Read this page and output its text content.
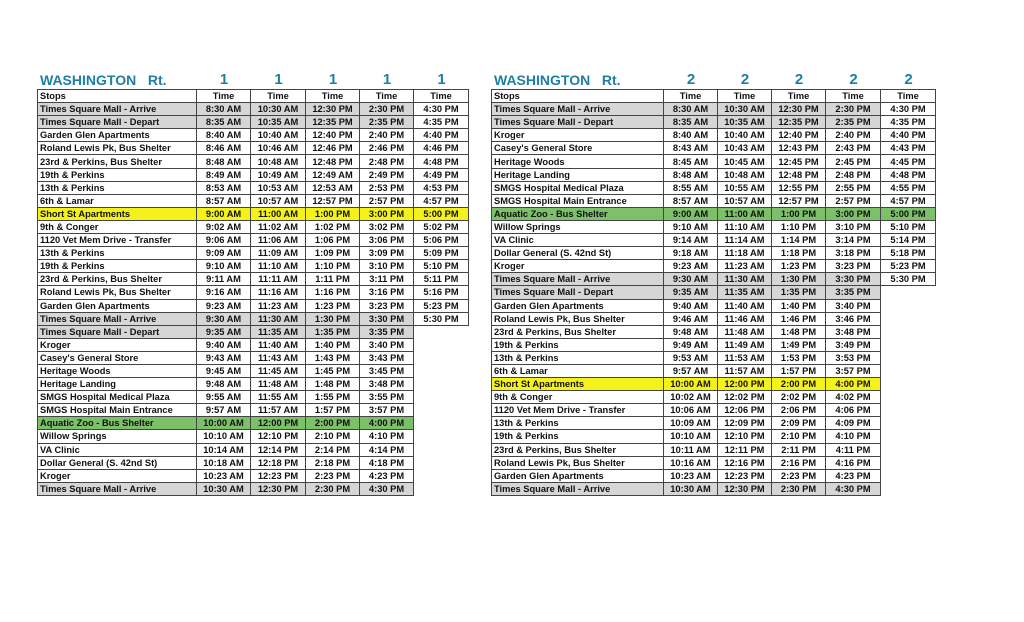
WASHINGTON   Rt.	1	1	1	1	1	WASHINGTON   Rt.	2	2	2	2	2
Stops	Time	Time	Time	Time	Time
Times Square Mall - Arrive	8:30 AM	10:30 AM	12:30 PM	2:30 PM	4:30 PM
Times Square Mall - Depart	8:35 AM	10:35 AM	12:35 PM	2:35 PM	4:35 PM
Garden Glen Apartments	8:40 AM	10:40 AM	12:40 PM	2:40 PM	4:40 PM
Roland Lewis Pk, Bus Shelter	8:46 AM	10:46 AM	12:46 PM	2:46 PM	4:46 PM
23rd & Perkins, Bus Shelter	8:48 AM	10:48 AM	12:48 PM	2:48 PM	4:48 PM
19th & Perkins	8:49 AM	10:49 AM	12:49 AM	2:49 PM	4:49 PM
13th & Perkins	8:53 AM	10:53 AM	12:53 AM	2:53 PM	4:53 PM
6th & Lamar	8:57 AM	10:57 AM	12:57 PM	2:57 PM	4:57 PM
Short St Apartments	9:00 AM	11:00 AM	1:00 PM	3:00 PM	5:00 PM
9th & Conger	9:02 AM	11:02 AM	1:02 PM	3:02 PM	5:02 PM
1120 Vet Mem Drive - Transfer	9:06 AM	11:06 AM	1:06 PM	3:06 PM	5:06 PM
13th & Perkins	9:09 AM	11:09 AM	1:09 PM	3:09 PM	5:09 PM
19th & Perkins	9:10 AM	11:10 AM	1:10 PM	3:10 PM	5:10 PM
23rd & Perkins, Bus Shelter	9:11 AM	11:11 AM	1:11 PM	3:11 PM	5:11 PM
Roland Lewis Pk, Bus Shelter	9:16 AM	11:16 AM	1:16 PM	3:16 PM	5:16 PM
Garden Glen Apartments	9:23 AM	11:23 AM	1:23 PM	3:23 PM	5:23 PM
Times Square Mall - Arrive	9:30 AM	11:30 AM	1:30 PM	3:30 PM	5:30 PM
Times Square Mall - Depart	9:35 AM	11:35 AM	1:35 PM	3:35 PM	
Kroger	9:40 AM	11:40 AM	1:40 PM	3:40 PM	
Casey's General Store	9:43 AM	11:43 AM	1:43 PM	3:43 PM	
Heritage Woods	9:45 AM	11:45 AM	1:45 PM	3:45 PM	
Heritage Landing	9:48 AM	11:48 AM	1:48 PM	3:48 PM	
SMGS Hospital Medical Plaza	9:55 AM	11:55 AM	1:55 PM	3:55 PM	
SMGS Hospital Main Entrance	9:57 AM	11:57 AM	1:57 PM	3:57 PM	
Aquatic Zoo - Bus Shelter	10:00 AM	12:00 PM	2:00 PM	4:00 PM	
Willow Springs	10:10 AM	12:10 PM	2:10 PM	4:10 PM	
VA Clinic	10:14 AM	12:14 PM	2:14 PM	4:14 PM	
Dollar General (S. 42nd St)	10:18 AM	12:18 PM	2:18 PM	4:18 PM	
Kroger	10:23 AM	12:23 PM	2:23 PM	4:23 PM	
Times Square Mall - Arrive	10:30 AM	12:30 PM	2:30 PM	4:30 PM	
Stops	Time	Time	Time	Time	Time
Times Square Mall - Arrive	8:30 AM	10:30 AM	12:30 PM	2:30 PM	4:30 PM
Times Square Mall - Depart	8:35 AM	10:35 AM	12:35 PM	2:35 PM	4:35 PM
Kroger	8:40 AM	10:40 AM	12:40 PM	2:40 PM	4:40 PM
Casey's General Store	8:43 AM	10:43 AM	12:43 PM	2:43 PM	4:43 PM
Heritage Woods	8:45 AM	10:45 AM	12:45 PM	2:45 PM	4:45 PM
Heritage Landing	8:48 AM	10:48 AM	12:48 PM	2:48 PM	4:48 PM
SMGS Hospital Medical Plaza	8:55 AM	10:55 AM	12:55 PM	2:55 PM	4:55 PM
SMGS Hospital Main Entrance	8:57 AM	10:57 AM	12:57 PM	2:57 PM	4:57 PM
Aquatic Zoo - Bus Shelter	9:00 AM	11:00 AM	1:00 PM	3:00 PM	5:00 PM
Willow Springs	9:10 AM	11:10 AM	1:10 PM	3:10 PM	5:10 PM
VA Clinic	9:14 AM	11:14 AM	1:14 PM	3:14 PM	5:14 PM
Dollar General (S. 42nd St)	9:18 AM	11:18 AM	1:18 PM	3:18 PM	5:18 PM
Kroger	9:23 AM	11:23 AM	1:23 PM	3:23 PM	5:23 PM
Times Square Mall - Arrive	9:30 AM	11:30 AM	1:30 PM	3:30 PM	5:30 PM
Times Square Mall - Depart	9:35 AM	11:35 AM	1:35 PM	3:35 PM	
Garden Glen Apartments	9:40 AM	11:40 AM	1:40 PM	3:40 PM	
Roland Lewis Pk, Bus Shelter	9:46 AM	11:46 AM	1:46 PM	3:46 PM	
23rd & Perkins, Bus Shelter	9:48 AM	11:48 AM	1:48 PM	3:48 PM	
19th & Perkins	9:49 AM	11:49 AM	1:49 PM	3:49 PM	
13th & Perkins	9:53 AM	11:53 AM	1:53 PM	3:53 PM	
6th & Lamar	9:57 AM	11:57 AM	1:57 PM	3:57 PM	
Short St Apartments	10:00 AM	12:00 PM	2:00 PM	4:00 PM	
9th & Conger	10:02 AM	12:02 PM	2:02 PM	4:02 PM	
1120 Vet Mem Drive - Transfer	10:06 AM	12:06 PM	2:06 PM	4:06 PM	
13th & Perkins	10:09 AM	12:09 PM	2:09 PM	4:09 PM	
19th & Perkins	10:10 AM	12:10 PM	2:10 PM	4:10 PM	
23rd & Perkins, Bus Shelter	10:11 AM	12:11 PM	2:11 PM	4:11 PM	
Roland Lewis Pk, Bus Shelter	10:16 AM	12:16 PM	2:16 PM	4:16 PM	
Garden Glen Apartments	10:23 AM	12:23 PM	2:23 PM	4:23 PM	
Times Square Mall - Arrive	10:30 AM	12:30 PM	2:30 PM	4:30 PM	
